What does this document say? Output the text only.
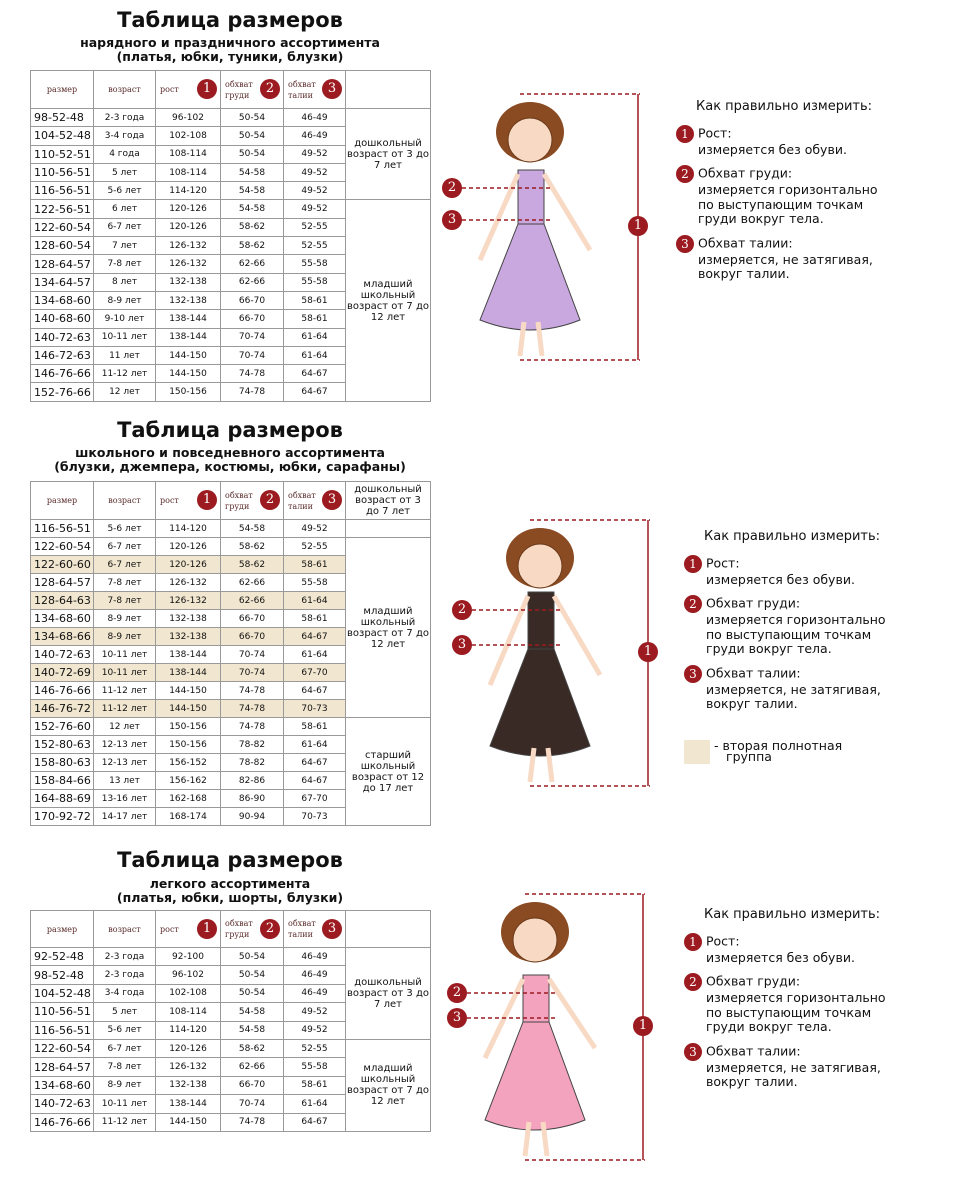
Таблица размеров
нарядного и праздничного ассортимента
(платья, юбки, туники, блузки)
размер	возраст	рост 1	обхват груди 2	обхват талии 3	

98-52-48	2-3 года	96-102	50-54	46-49	дошкольный возраст от 3 до 7 лет
104-52-48	3-4 года	102-108	50-54	46-49	
110-52-51	4 года	108-114	50-54	49-52	
110-56-51	5 лет	108-114	54-58	49-52	
116-56-51	5-6 лет	114-120	54-58	49-52	
122-56-51	6 лет	120-126	54-58	49-52	младший школьный возраст от 7 до 12 лет
122-60-54	6-7 лет	120-126	58-62	52-55	
128-60-54	7 лет	126-132	58-62	52-55	
128-64-57	7-8 лет	126-132	62-66	55-58	
134-64-57	8 лет	132-138	62-66	55-58	
134-68-60	8-9 лет	132-138	66-70	58-61	
140-68-60	9-10 лет	138-144	66-70	58-61	
140-72-63	10-11 лет	138-144	70-74	61-64	
146-72-63	11 лет	144-150	70-74	61-64	
146-76-66	11-12 лет	144-150	74-78	64-67	
152-76-66	12 лет	150-156	74-78	64-67	
1
2
3
Как правильно измерить:
1 Рост:
измеряется без обуви.
2 Обхват груди:
измеряется горизонтально
по выступающим точкам
груди вокруг тела.
3 Обхват талии:
измеряется, не затягивая,
вокруг талии.
Таблица размеров
школьного и повседневного ассортимента
(блузки, джемпера, костюмы, юбки, сарафаны)
размер	возраст	рост 1	обхват груди 2	обхват талии 3	дошкольный возраст от 3 до 7 лет
116-56-51	5-6 лет	114-120	54-58	49-52	
122-60-54	6-7 лет	120-126	58-62	52-55	младший школьный возраст от 7 до 12 лет
122-60-60	6-7 лет	120-126	58-62	58-61	
128-64-57	7-8 лет	126-132	62-66	55-58	
128-64-63	7-8 лет	126-132	62-66	61-64	
134-68-60	8-9 лет	132-138	66-70	58-61	
134-68-66	8-9 лет	132-138	66-70	64-67	
140-72-63	10-11 лет	138-144	70-74	61-64	
140-72-69	10-11 лет	138-144	70-74	67-70	
146-76-66	11-12 лет	144-150	74-78	64-67	
146-76-72	11-12 лет	144-150	74-78	70-73	
152-76-60	12 лет	150-156	74-78	58-61	старший школьный возраст от 12 до 17 лет
152-80-63	12-13 лет	150-156	78-82	61-64	
158-80-63	12-13 лет	156-152	78-82	64-67	
158-84-66	13 лет	156-162	82-86	64-67	
164-88-69	13-16 лет	162-168	86-90	67-70	
170-92-72	14-17 лет	168-174	90-94	70-73	
1
2
3
Как правильно измерить:
1 Рост:
измеряется без обуви.
2 Обхват груди:
измеряется горизонтально
по выступающим точкам
груди вокруг тела.
3 Обхват талии:
измеряется, не затягивая,
вокруг талии.
Таблица размеров
легкого ассортимента
(платья, юбки, шорты, блузки)
размер	возраст	рост 1	обхват груди 2	обхват талии 3	

92-52-48	2-3 года	92-100	50-54	46-49	дошкольный возраст от 3 до 7 лет
98-52-48	2-3 года	96-102	50-54	46-49	
104-52-48	3-4 года	102-108	50-54	46-49	
110-56-51	5 лет	108-114	54-58	49-52	
116-56-51	5-6 лет	114-120	54-58	49-52	
122-60-54	6-7 лет	120-126	58-62	52-55	младший школьный возраст от 7 до 12 лет
128-64-57	7-8 лет	126-132	62-66	55-58	
134-68-60	8-9 лет	132-138	66-70	58-61	
140-72-63	10-11 лет	138-144	70-74	61-64	
146-76-66	11-12 лет	144-150	74-78	64-67	
1
2
3
Как правильно измерить:
1 Рост:
измеряется без обуви.
2 Обхват груди:
измеряется горизонтально
по выступающим точкам
груди вокруг тела.
3 Обхват талии:
измеряется, не затягивая,
вокруг талии.
- вторая полнотная
группа
